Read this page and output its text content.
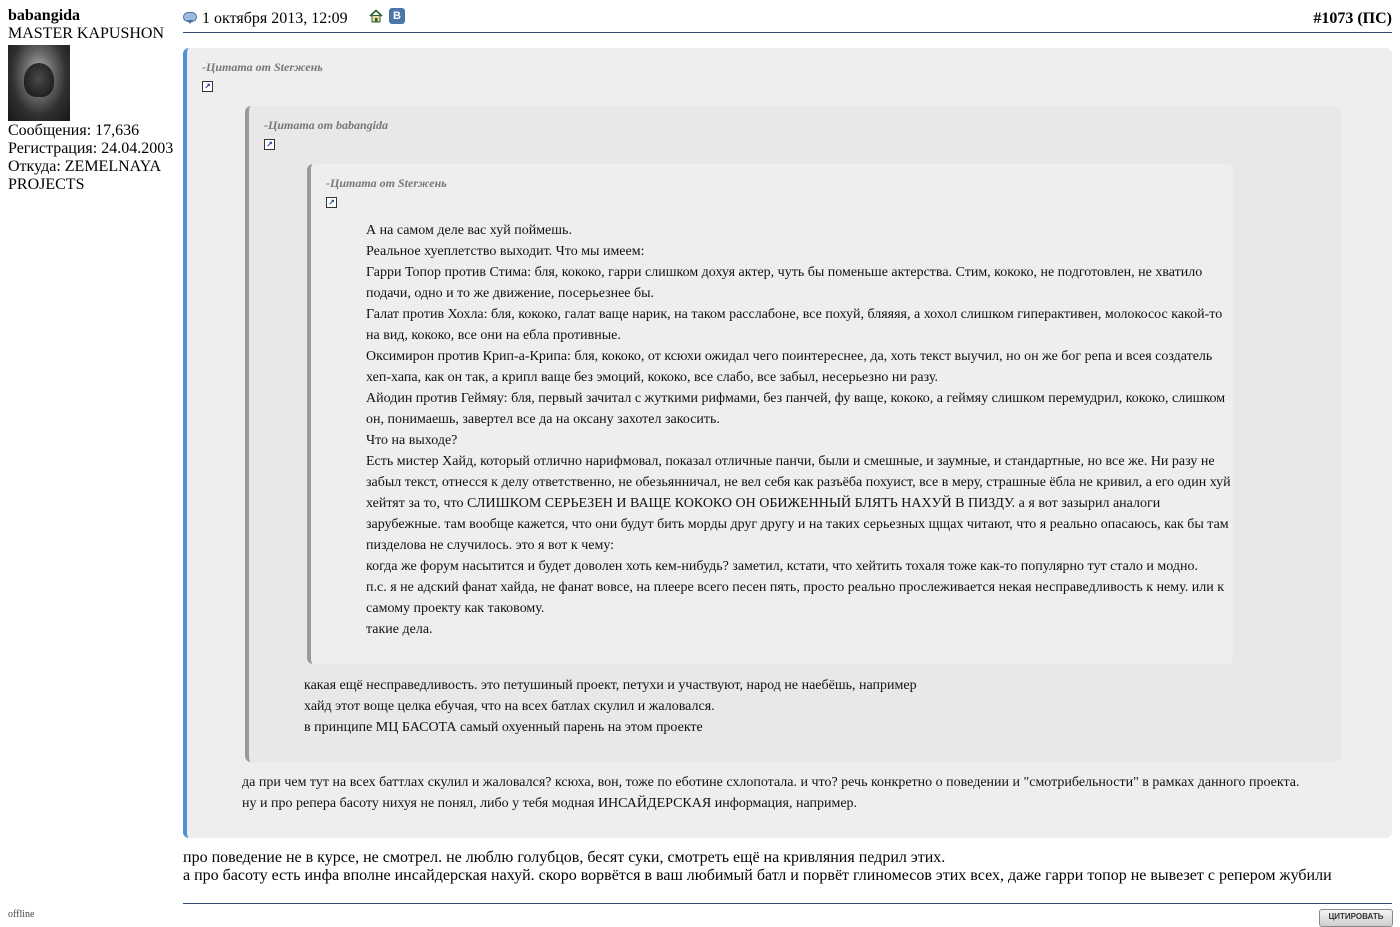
babangida
MASTER KAPUSHON
Сообщения: 17,636
Регистрация: 24.04.2003
Откуда: ZEMELNAYA PROJECTS
offline
1 октября 2013, 12:09	В	#1073 (ПС)
-Цитата от Sterжень
↗
-Цитата от babangida
↗
-Цитата от Sterжень
↗

А на самом деле вас хуй поймешь.

Реальное хуеплетство выходит. Что мы имеем:

Гарри Топор против Стима: бля, кококо, гарри слишком дохуя актер, чуть бы поменьше актерства. Стим, кококо, не подготовлен, не хватило подачи, одно и то же движение, посерьезнее бы.

Галат против Хохла: бля, кококо, галат ваще нарик, на таком расслабоне, все похуй, бляяяя, а хохол слишком гиперактивен, молокосос какой-то на вид, кококо, все они на ебла противные.

Оксимирон против Крип-а-Крипа: бля, кококо, от ксюхи ожидал чего поинтереснее, да, хоть текст выучил, но он же бог репа и всея создатель хеп-хапа, как он так, а крипл ваще без эмоций, кококо, все слабо, все забыл, несерьезно ни разу.

Айодин против Геймяу: бля, первый зачитал с жуткими рифмами, без панчей, фу ваще, кококо, а геймяу слишком перемудрил, кококо, слишком он, понимаешь, завертел все да на оксану захотел закосить.

Что на выходе?

Есть мистер Хайд, который отлично нарифмовал, показал отличные панчи, были и смешные, и заумные, и стандартные, но все же. Ни разу не забыл текст, отнесся к делу ответственно, не обезьянничал, не вел себя как разъёба похуист, все в меру, страшные ёбла не кривил, а его один хуй хейтят за то, что СЛИШКОМ СЕРЬЕЗЕН И ВАЩЕ КОКОКО ОН ОБИЖЕННЫЙ БЛЯТЬ НАХУЙ В ПИЗДУ. а я вот зазырил аналоги зарубежные. там вообще кажется, что они будут бить морды друг другу и на таких серьезных щщах читают, что я реально опасаюсь, как бы там пизделова не случилось. это я вот к чему:

когда же форум насытится и будет доволен хоть кем-нибудь? заметил, кстати, что хейтить тохаля тоже как-то популярно тут стало и модно.

п.с. я не адский фанат хайда, не фанат вовсе, на плеере всего песен пять, просто реально прослеживается некая несправедливость к нему. или к самому проекту как таковому.

такие дела.

какая ещё несправедливость. это петушиный проект, петухи и участвуют, народ не наебёшь, например

хайд этот воще целка ебучая, что на всех батлах скулил и жаловался.

в принципе МЦ БАСОТА самый охуенный парень на этом проекте

да при чем тут на всех баттлах скулил и жаловался? ксюха, вон, тоже по еботине схлопотала. и что? речь конкретно о поведении и "смотрибельности" в рамках данного проекта.

ну и про репера басоту нихуя не понял, либо у тебя модная ИНСАЙДЕРСКАЯ информация, например.

про поведение не в курсе, не смотрел. не люблю голубцов, бесят суки, смотреть ещё на кривляния педрил этих.

а про басоту есть инфа вполне инсайдерская нахуй. скоро ворвётся в ваш любимый батл и порвёт глиномесов этих всех, даже гарри топор не вывезет с репером жубили

ЦИТИРОВАТЬ
